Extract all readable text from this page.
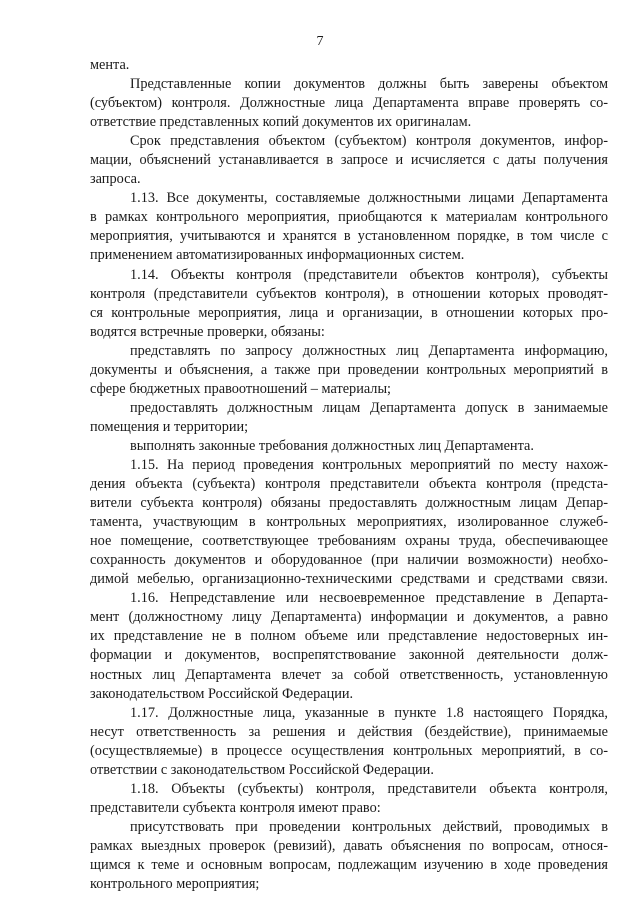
7
мента.
Представленные копии документов должны быть заверены объектом
(субъектом) контроля. Должностные лица Департамента вправе проверять со-
ответствие представленных копий документов их оригиналам.
Срок представления объектом (субъектом) контроля документов, инфор-
мации, объяснений устанавливается в запросе и исчисляется с даты получения
запроса.
1.13. Все документы, составляемые должностными лицами Департамента
в рамках контрольного мероприятия, приобщаются к материалам контрольного
мероприятия, учитываются и хранятся в установленном порядке, в том числе с
применением автоматизированных информационных систем.
1.14. Объекты контроля (представители объектов контроля), субъекты
контроля (представители субъектов контроля), в отношении которых проводят-
ся контрольные мероприятия, лица и организации, в отношении которых про-
водятся встречные проверки, обязаны:
представлять по запросу должностных лиц Департамента информацию,
документы и объяснения, а также при проведении контрольных мероприятий в
сфере бюджетных правоотношений – материалы;
предоставлять должностным лицам Департамента допуск в занимаемые
помещения и территории;
выполнять законные требования должностных лиц Департамента.
1.15. На период проведения контрольных мероприятий по месту нахож-
дения объекта (субъекта) контроля представители объекта контроля (предста-
вители субъекта контроля) обязаны предоставлять должностным лицам Депар-
тамента, участвующим в контрольных мероприятиях, изолированное служеб-
ное помещение, соответствующее требованиям охраны труда, обеспечивающее
сохранность документов и оборудованное (при наличии возможности) необхо-
димой мебелью, организационно-техническими средствами и средствами связи.
1.16. Непредставление или несвоевременное представление в Департа-
мент (должностному лицу Департамента) информации и документов, а равно
их представление не в полном объеме или представление недостоверных ин-
формации и документов, воспрепятствование законной деятельности долж-
ностных лиц Департамента влечет за собой ответственность, установленную
законодательством Российской Федерации.
1.17. Должностные лица, указанные в пункте 1.8 настоящего Порядка,
несут ответственность за решения и действия (бездействие), принимаемые
(осуществляемые) в процессе осуществления контрольных мероприятий, в со-
ответствии с законодательством Российской Федерации.
1.18. Объекты (субъекты) контроля, представители объекта контроля,
представители субъекта контроля имеют право:
присутствовать при проведении контрольных действий, проводимых в
рамках выездных проверок (ревизий), давать объяснения по вопросам, относя-
щимся к теме и основным вопросам, подлежащим изучению в ходе проведения
контрольного мероприятия;
